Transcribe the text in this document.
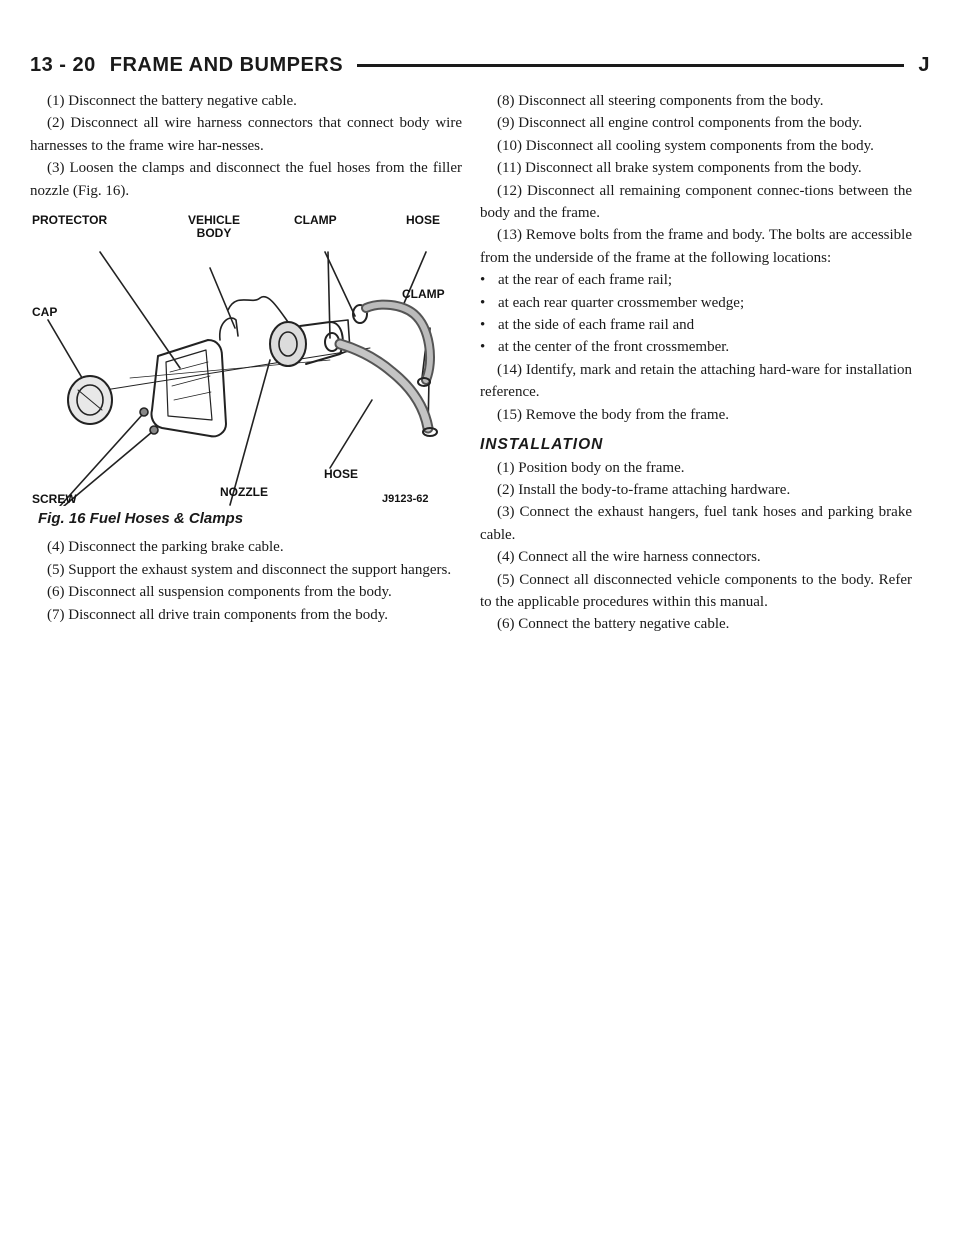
13 - 20 FRAME AND BUMPERS	J

(1) Disconnect the battery negative cable.

(2) Disconnect all wire harness connectors that connect body wire harnesses to the frame wire har-nesses.

(3) Loosen the clamps and disconnect the fuel hoses from the filler nozzle (Fig. 16).

PROTECTOR	VEHICLE BODY
CLAMP	HOSE
CLAMP
CAP
HOSE
NOZZLE
SCREW	J9123-62
Fig. 16 Fuel Hoses & Clamps

(4) Disconnect the parking brake cable.

(5) Support the exhaust system and disconnect the support hangers.

(6) Disconnect all suspension components from the body.

(7) Disconnect all drive train components from the body.

(8) Disconnect all steering components from the body.

(9) Disconnect all engine control components from the body.

(10) Disconnect all cooling system components from the body.

(11) Disconnect all brake system components from the body.

(12) Disconnect all remaining component connec-tions between the body and the frame.

(13) Remove bolts from the frame and body. The bolts are accessible from the underside of the frame at the following locations:

• at the rear of each frame rail;

• at each rear quarter crossmember wedge;

• at the side of each frame rail and

• at the center of the front crossmember.

(14) Identify, mark and retain the attaching hard-ware for installation reference.

(15) Remove the body from the frame.

INSTALLATION

(1) Position body on the frame.

(2) Install the body-to-frame attaching hardware.

(3) Connect the exhaust hangers, fuel tank hoses and parking brake cable.

(4) Connect all the wire harness connectors.

(5) Connect all disconnected vehicle components to the body. Refer to the applicable procedures within this manual.

(6) Connect the battery negative cable.
